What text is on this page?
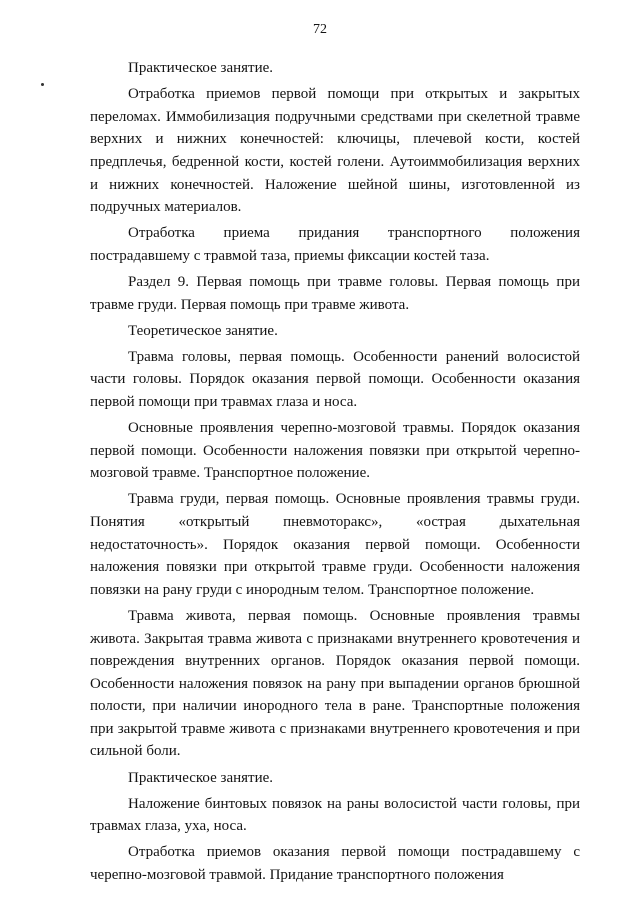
72

Практическое занятие.

Отработка приемов первой помощи при открытых и закрытых переломах. Иммобилизация подручными средствами при скелетной травме верхних и нижних конечностей: ключицы, плечевой кости, костей предплечья, бедренной кости, костей голени. Аутоиммобилизация верхних и нижних конечностей. Наложение шейной шины, изготовленной из подручных материалов.

Отработка приема придания транспортного положения пострадавшему с травмой таза, приемы фиксации костей таза.

Раздел 9. Первая помощь при травме головы. Первая помощь при травме груди. Первая помощь при травме живота.

Теоретическое занятие.

Травма головы, первая помощь. Особенности ранений волосистой части головы. Порядок оказания первой помощи. Особенности оказания первой помощи при травмах глаза и носа.

Основные проявления черепно-мозговой травмы. Порядок оказания первой помощи. Особенности наложения повязки при открытой черепно-мозговой травме. Транспортное положение.

Травма груди, первая помощь. Основные проявления травмы груди. Понятия «открытый пневмоторакс», «острая дыхательная недостаточность». Порядок оказания первой помощи. Особенности наложения повязки при открытой травме груди. Особенности наложения повязки на рану груди с инородным телом. Транспортное положение.

Травма живота, первая помощь. Основные проявления травмы живота. Закрытая травма живота с признаками внутреннего кровотечения и повреждения внутренних органов. Порядок оказания первой помощи. Особенности наложения повязок на рану при выпадении органов брюшной полости, при наличии инородного тела в ране. Транспортные положения при закрытой травме живота с признаками внутреннего кровотечения и при сильной боли.

Практическое занятие.

Наложение бинтовых повязок на раны волосистой части головы, при травмах глаза, уха, носа.

Отработка приемов оказания первой помощи пострадавшему с черепно-мозговой травмой. Придание транспортного положения
